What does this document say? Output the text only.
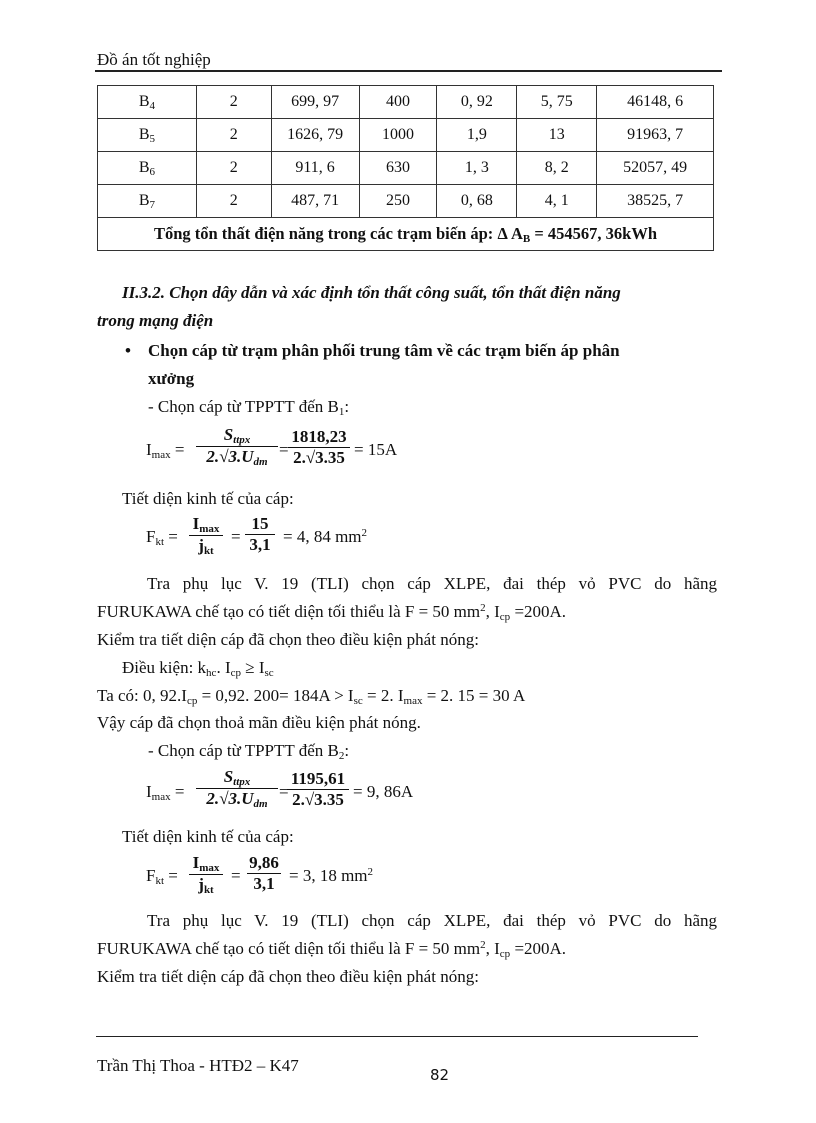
Đồ án tốt nghiệp
$B_4$	2	699, 97	400	0, 92	5, 75	46148, 6
$B_5$	2	1626, 79	1000	1,9	13	91963, 7
$B_6$	2	911, 6	630	1, 3	8, 2	52057, 49
$B_7$	2	487, 71	250	0, 68	4, 1	38525, 7
Tổng tổn thất điện năng trong các trạm biến áp: Δ $A_B = 454567$, 36kWh						
II.3.2. Chọn dây dẫn và xác định tổn thất công suất, tổn thất điện năng
trong mạng điện
• Chọn cáp từ trạm phân phối trung tâm về các trạm biến áp phân
xưởng
- Chọn cáp từ TPPTT đến $B_1$:
$I_{max}$ =
$S_{ttpx}$
$2.√3.U_{dm}$
= $\frac{1818,23}{2.√3.35} = 15A$
Tiết diện kinh tế của cáp:
$F_{kt}$ =
$I_{max}$
$j_{kt}$
= $\frac{15}{3,1} = 4$, 84 $mm^2$
Tra phụ lục V. 19 (TLI) chọn cáp XLPE, đai thép vỏ PVC do hãng
FURUKAWA chế tạo có tiết diện tối thiểu là F = 50 $mm^2$, $I_{cp} =200A$.
Kiểm tra tiết diện cáp đã chọn theo điều kiện phát nóng:
Điều kiện: $k_{hc}$. $I_{cp} \ge I_{sc}$
Ta có: 0, $92.I_{cp} = 0,92$. $200= 184A > I_{sc} = 2$. $I_{max} = 2$. 15 = 30 A
Vậy cáp đã chọn thoả mãn điều kiện phát nóng.
- Chọn cáp từ TPPTT đến $B_2$:
$I_{max}$ =
$S_{ttpx}$
$2.√3.U_{dm}$
=
$\frac{1195,61}{2.√3.35} = 9$, 86A
Tiết diện kinh tế của cáp:
$F_{kt}$ =
$I_{max}$
$j_{kt}$
= $\frac{9,86}{3,1} = 3$, 18 $mm^2$
Tra phụ lục V. 19 (TLI) chọn cáp XLPE, đai thép vỏ PVC do hãng
FURUKAWA chế tạo có tiết diện tối thiểu là F = 50 $mm^2$, $I_{cp} =200A$.
Kiểm tra tiết diện cáp đã chọn theo điều kiện phát nóng:
Trần Thị Thoa - HTĐ2 – K47	82
